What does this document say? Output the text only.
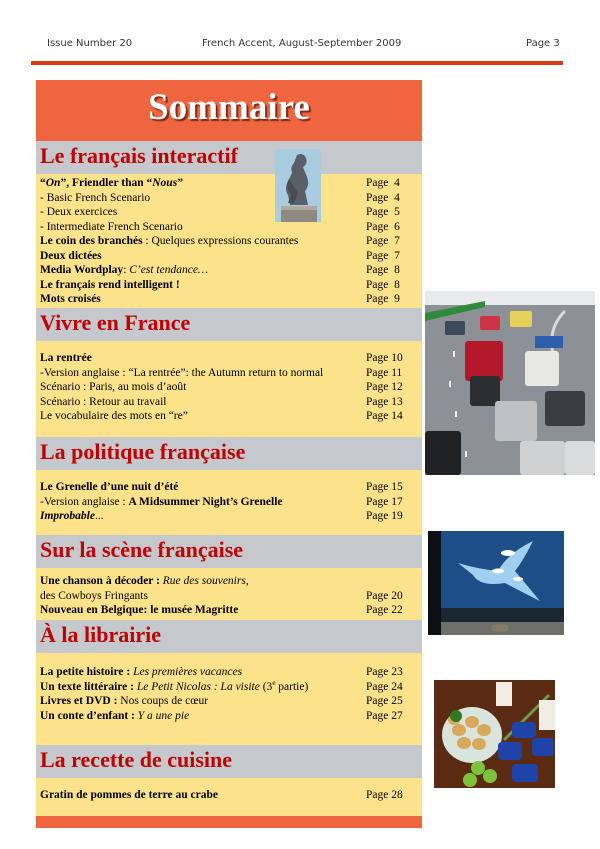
Issue Number 20	French Accent, August-September 2009	Page 3
Sommaire
Le français interactif
“On”, Friendler than “Nous”	Page  4
- Basic French Scenario	Page  4
- Deux exercices	Page  5
- Intermediate French Scenario	Page  6
Le coin des branchés : Quelques expressions courantes	Page  7
Deux dictées	Page  7
Media Wordplay: C’est tendance…	Page  8
Le français rend intelligent !	Page  8
Mots croisés	Page  9
Vivre en France
La rentrée	Page 10
-Version anglaise : “La rentrée”: the Autumn return to normal	Page 11
Scénario : Paris, au mois d’août	Page 12
Scénario : Retour au travail	Page 13
Le vocabulaire des mots en “re”	Page 14
La politique française
Le Grenelle d’une nuit d’été	Page 15
-Version anglaise : A Midsummer Night’s Grenelle	Page 17
Improbable...	Page 19
Sur la scène française
Une chanson à décoder : Rue des souvenirs,
des Cowboys Fringants	Page 20
Nouveau en Belgique: le musée Magritte	Page 22
À la librairie
La petite histoire : Les premières vacances	Page 23
Un texte littéraire : Le Petit Nicolas : La visite (3e partie)	Page 24
Livres et DVD : Nos coups de cœur	Page 25
Un conte d’enfant : Y a une pie	Page 27
La recette de cuisine
Gratin de pommes de terre au crabe	Page 28
